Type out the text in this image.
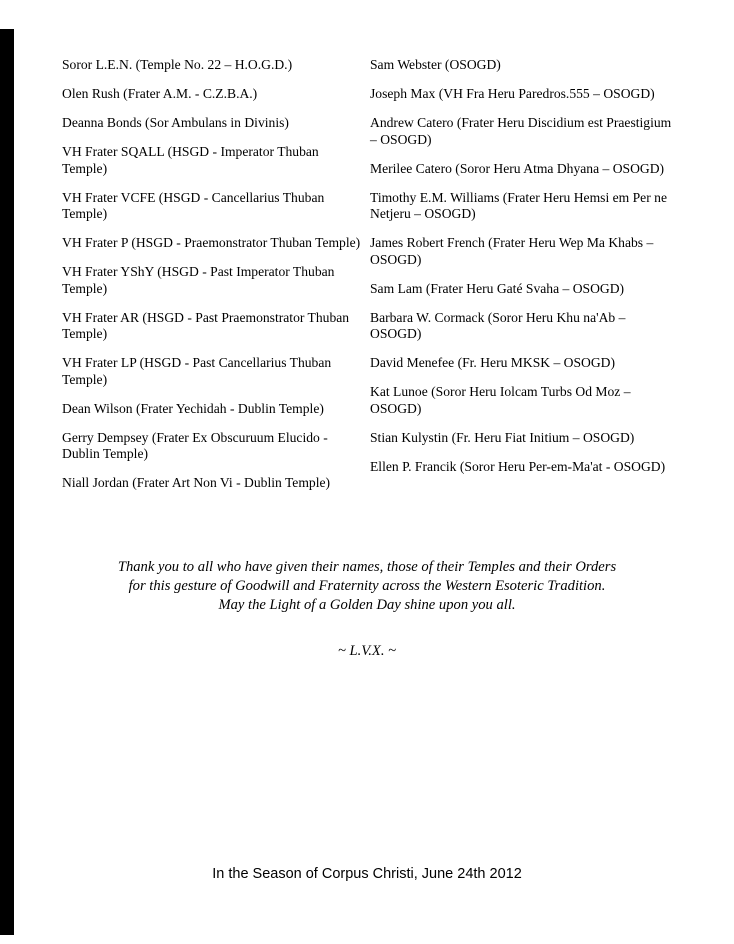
Soror L.E.N. (Temple No. 22 – H.O.G.D.)

Olen Rush (Frater A.M. - C.Z.B.A.)

Deanna Bonds (Sor Ambulans in Divinis)

VH Frater SQALL (HSGD - Imperator Thuban Temple)

VH Frater VCFE (HSGD - Cancellarius Thuban Temple)

VH Frater P (HSGD - Praemonstrator Thuban Temple)

VH Frater YShY (HSGD - Past Imperator Thuban Temple)

VH Frater AR (HSGD - Past Praemonstrator Thuban Temple)

VH Frater LP (HSGD - Past Cancellarius Thuban Temple)

Dean Wilson (Frater Yechidah - Dublin Temple)

Gerry Dempsey (Frater Ex Obscuruum Elucido - Dublin Temple)

Niall Jordan (Frater Art Non Vi - Dublin Temple)

Sam Webster (OSOGD)

Joseph Max (VH Fra Heru Paredros.555 – OSOGD)

Andrew Catero (Frater Heru Discidium est Praestigium – OSOGD)

Merilee Catero (Soror Heru Atma Dhyana – OSOGD)

Timothy E.M. Williams (Frater Heru Hemsi em Per ne Netjeru – OSOGD)

James Robert French (Frater Heru Wep Ma Khabs – OSOGD)

Sam Lam (Frater Heru Gaté Svaha – OSOGD)

Barbara W. Cormack (Soror Heru Khu na'Ab – OSOGD)

David Menefee (Fr. Heru MKSK – OSOGD)

Kat Lunoe (Soror Heru Iolcam Turbs Od Moz – OSOGD)

Stian Kulystin (Fr. Heru Fiat Initium – OSOGD)

Ellen P. Francik (Soror Heru Per-em-Ma'at - OSOGD)

Thank you to all who have given their names, those of their Temples and their Orders
for this gesture of Goodwill and Fraternity across the Western Esoteric Tradition.
May the Light of a Golden Day shine upon you all.
~ L.V.X. ~
In the Season of Corpus Christi, June 24th 2012
